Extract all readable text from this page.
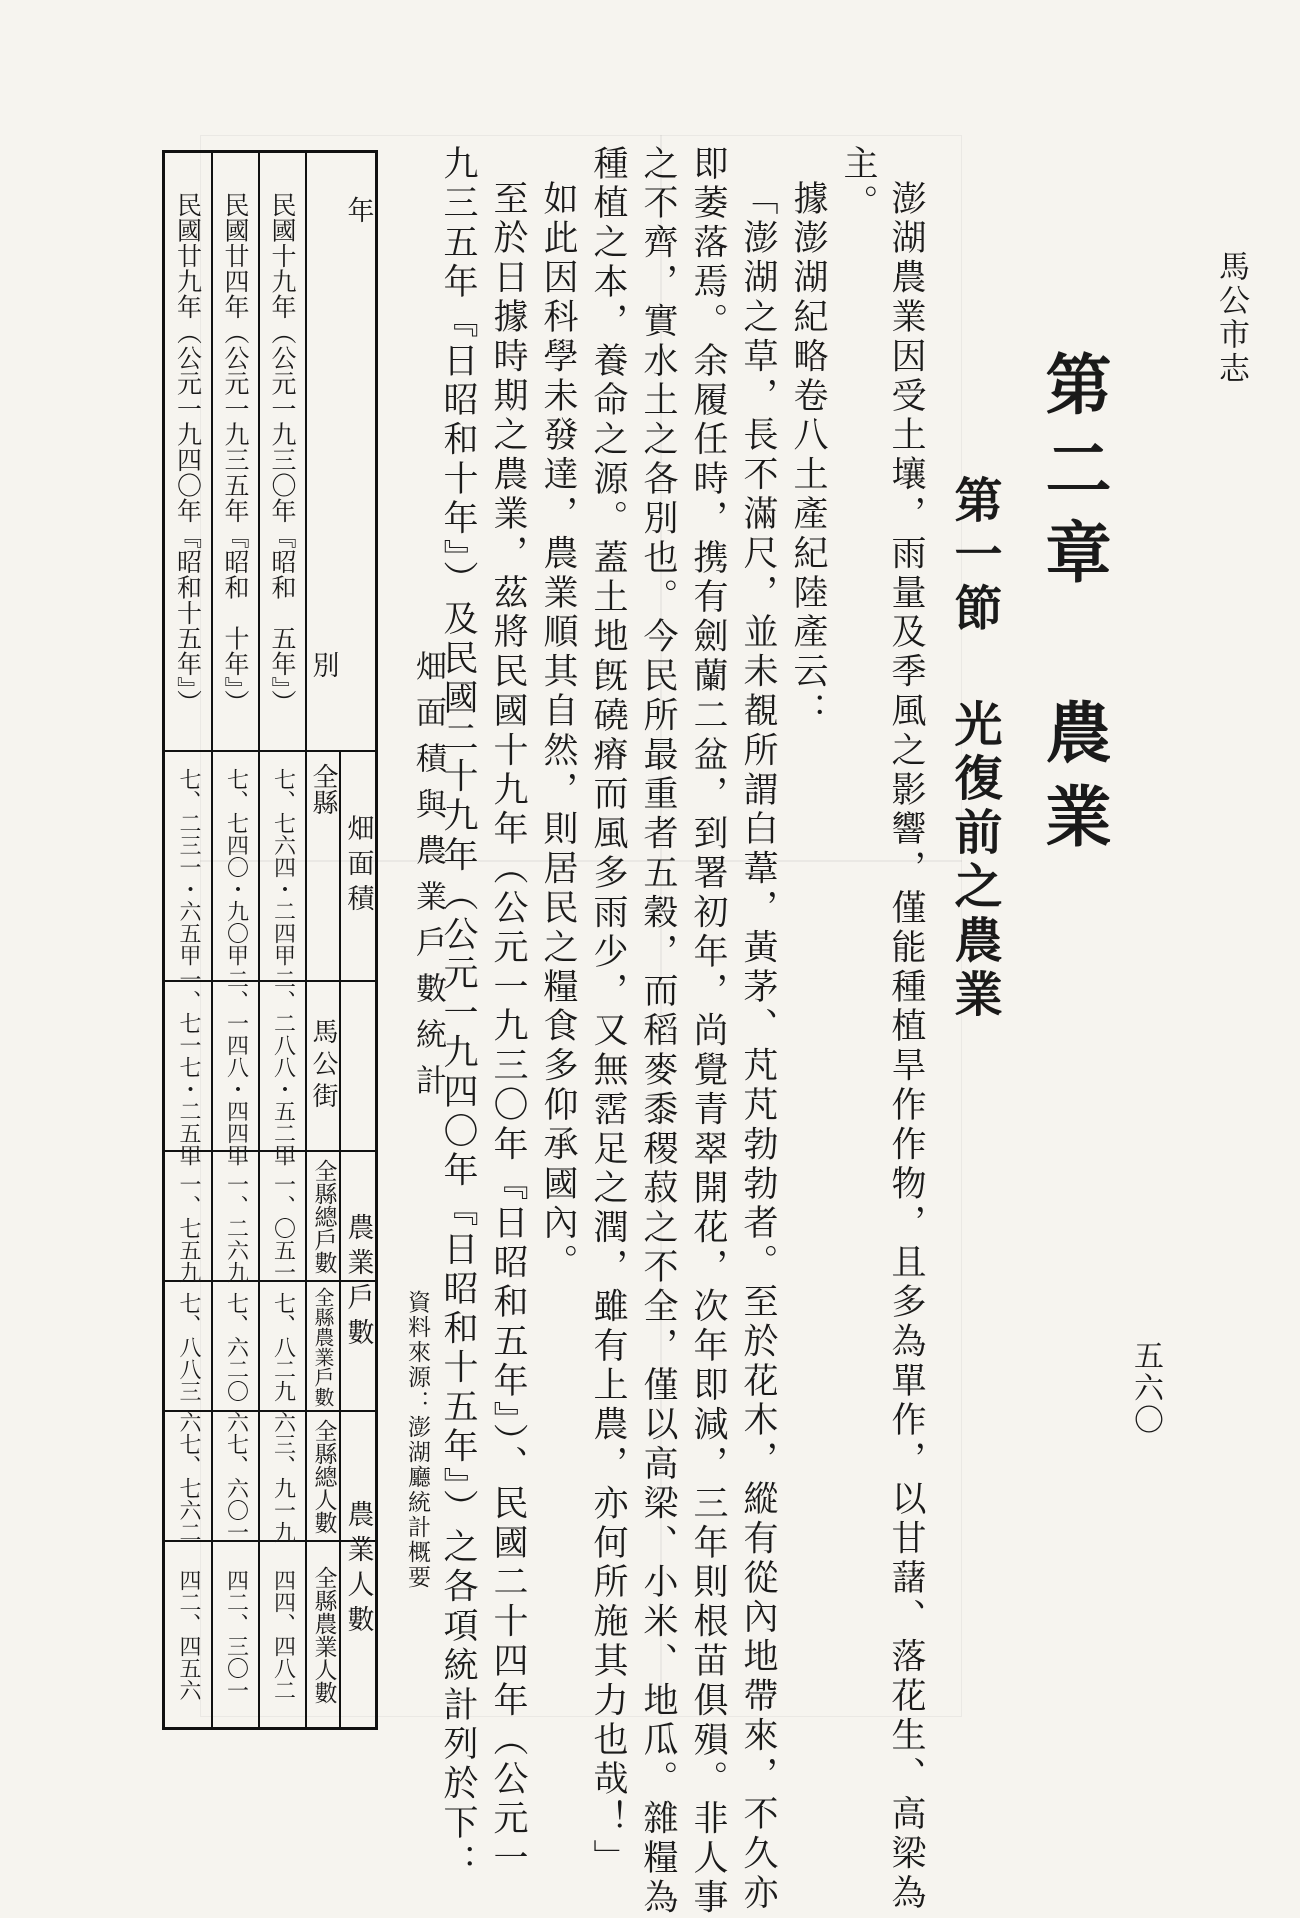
馬公市志
五六〇
第二章 農業
第一節 光復前之農業
澎湖農業因受土壤，雨量及季風之影響，僅能種植旱作作物，且多為單作，以甘藷、落花生、高梁為
主。
據澎湖紀略卷八土產紀陸產云：
「澎湖之草，長不滿尺，並未覩所謂白葦，黃茅、芃芃勃勃者。至於花木，縱有從內地帶來，不久亦
即萎落焉。余履任時，携有劍蘭二盆，到署初年，尚覺青翠開花，次年即減，三年則根苗俱殞。非人事
之不齊，實水土之各別也。今民所最重者五穀，而稻麥黍稷菽之不全，僅以高梁、小米、地瓜。雜糧為
種植之本，養命之源。蓋土地旣磽瘠而風多雨少，又無霑足之潤，雖有上農，亦何所施其力也哉！」
如此因科學未發達，農業順其自然，則居民之糧食多仰承國內。
至於日據時期之農業，茲將民國十九年（公元一九三〇年『日昭和五年』）、民國二十四年（公元一
九三五年『日昭和十年』）及民國二十九年（公元一九四〇年『日昭和十五年』）之各項統計列於下：
畑面積與農業戶數統計
資料來源：澎湖廳統計概要
畑面積
農業戶數
農業人數
年
別
全縣
馬公街
全縣總戶數
全縣農業戶數
全縣總人數
全縣農業人數
民國十九年（公元一九三〇年『昭和　五年』）
七、七六四・二四甲
二、二八八・五二甲
一一、〇五一
七、八二九
六三、九一九
四四、四八二
民國廿四年（公元一九三五年『昭和　十年』）
七、七四〇・九〇甲
二、一四八・四四甲
一一、二六九
七、六二〇
六七、六〇一
四二、三〇一
民國廿九年（公元一九四〇年『昭和十五年』）
七、二三一・六五甲
一、七一七・二五甲
一一、七五九
七、八八三
六七、七六二
四二、四五六
